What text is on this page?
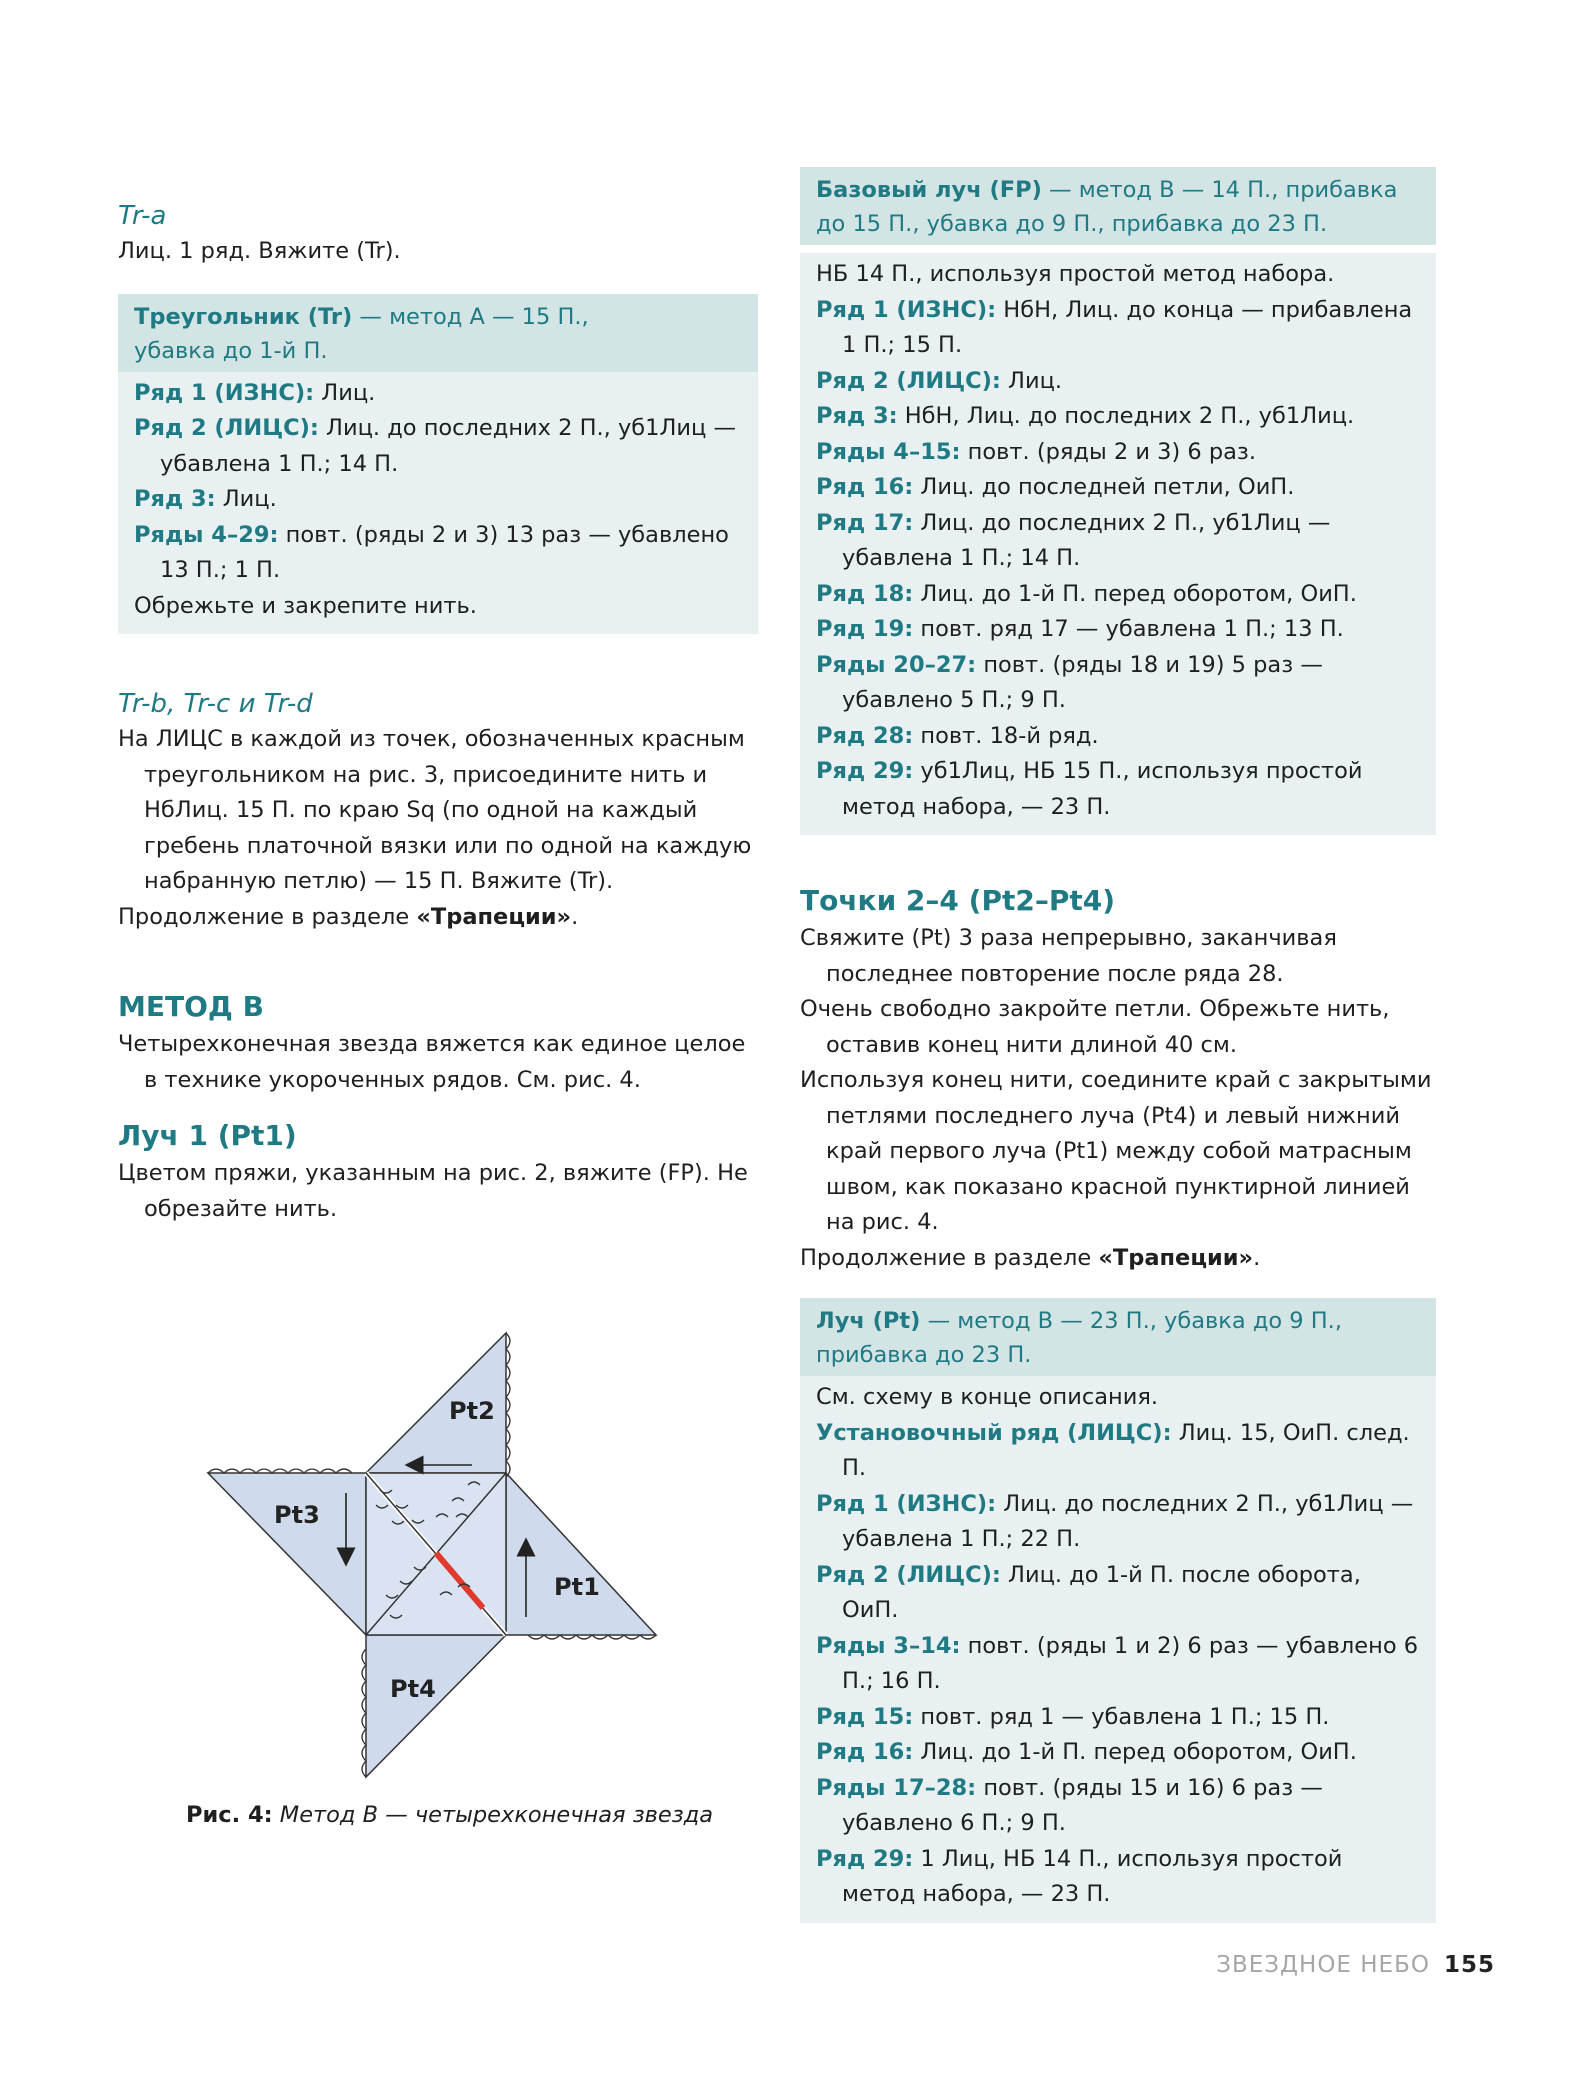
Tr-a

Лиц. 1 ряд. Вяжите (Tr).

Треугольник (Tr) — метод А — 15 П.,
убавка до 1-й П.

Ряд 1 (ИЗНС): Лиц.

Ряд 2 (ЛИЦС): Лиц. до последних 2 П., уб1Лиц — убавлена 1 П.; 14 П.

Ряд 3: Лиц.

Ряды 4–29: повт. (ряды 2 и 3) 13 раз — убавлено 13 П.; 1 П.

Обрежьте и закрепите нить.

Tr-b, Tr-c и Tr-d

На ЛИЦС в каждой из точек, обозначенных красным треугольником на рис. 3, присоедините нить и НбЛиц. 15 П. по краю Sq (по одной на каждый гребень платочной вязки или по одной на каждую набранную петлю) — 15 П. Вяжите (Tr).

Продолжение в разделе «Трапеции».

МЕТОД B

Четырехконечная звезда вяжется как единое целое в технике укороченных рядов. См. рис. 4.

Луч 1 (Pt1)

Цветом пряжи, указанным на рис. 2, вяжите (FP). Не обрезайте нить.

Pt2
Pt3
Pt1
Pt4
Рис. 4: Метод В — четырехконечная звезда
Базовый луч (FP) — метод В — 14 П., прибавка
до 15 П., убавка до 9 П., прибавка до 23 П.

НБ 14 П., используя простой метод набора.

Ряд 1 (ИЗНС): НбН, Лиц. до конца — прибавлена 1 П.; 15 П.

Ряд 2 (ЛИЦС): Лиц.

Ряд 3: НбН, Лиц. до последних 2 П., уб1Лиц.

Ряды 4–15: повт. (ряды 2 и 3) 6 раз.

Ряд 16: Лиц. до последней петли, ОиП.

Ряд 17: Лиц. до последних 2 П., уб1Лиц — убавлена 1 П.; 14 П.

Ряд 18: Лиц. до 1-й П. перед оборотом, ОиП.

Ряд 19: повт. ряд 17 — убавлена 1 П.; 13 П.

Ряды 20–27: повт. (ряды 18 и 19) 5 раз — убавлено 5 П.; 9 П.

Ряд 28: повт. 18-й ряд.

Ряд 29: уб1Лиц, НБ 15 П., используя простой метод набора, — 23 П.

Точки 2–4 (Pt2–Pt4)

Свяжите (Pt) 3 раза непрерывно, заканчивая последнее повторение после ряда 28.

Очень свободно закройте петли. Обрежьте нить, оставив конец нити длиной 40 см.

Используя конец нити, соедините край с закрытыми петлями последнего луча (Pt4) и левый нижний край первого луча (Pt1) между собой матрасным швом, как показано красной пунктирной линией на рис. 4.

Продолжение в разделе «Трапеции».

Луч (Pt) — метод В — 23 П., убавка до 9 П.,
прибавка до 23 П.

См. схему в конце описания.

Установочный ряд (ЛИЦС): Лиц. 15, ОиП. след. П.

Ряд 1 (ИЗНС): Лиц. до последних 2 П., уб1Лиц — убавлена 1 П.; 22 П.

Ряд 2 (ЛИЦС): Лиц. до 1-й П. после оборота, ОиП.

Ряды 3–14: повт. (ряды 1 и 2) 6 раз — убавлено 6 П.; 16 П.

Ряд 15: повт. ряд 1 — убавлена 1 П.; 15 П.

Ряд 16: Лиц. до 1-й П. перед оборотом, ОиП.

Ряды 17–28: повт. (ряды 15 и 16) 6 раз — убавлено 6 П.; 9 П.

Ряд 29: 1 Лиц, НБ 14 П., используя простой метод набора, — 23 П.

ЗВЕЗДНОЕ НЕБО 155
